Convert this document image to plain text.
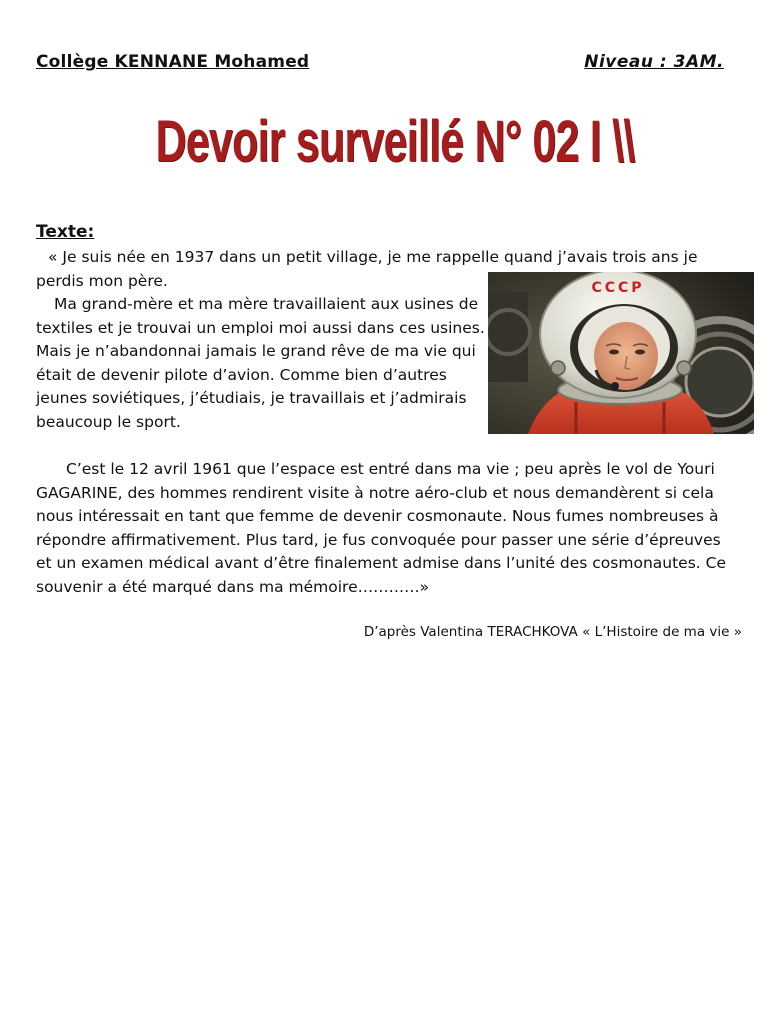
Collège KENNANE Mohamed	Niveau : 3AM.
Devoir surveillé N° 02 I \\
Texte:

« Je suis née en 1937 dans un petit village, je me rappelle quand j’avais trois ans je perdis mon père.

Ma grand-mère et ma mère travaillaient aux usines de textiles et je trouvai un emploi moi aussi dans ces usines. Mais je n’abandonnai jamais le grand rêve de ma vie qui était de devenir pilote d’avion. Comme bien d’autres jeunes soviétiques, j’étudiais, je travaillais et j’admirais beaucoup le sport.

СССР

C’est le 12 avril 1961 que l’espace est entré dans ma vie ; peu après le vol de Youri GAGARINE, des hommes rendirent visite à notre aéro-club et nous demandèrent si cela nous intéressait en tant que femme de devenir cosmonaute. Nous fumes nombreuses à répondre affirmativement. Plus tard, je fus convoquée pour passer une série d’épreuves et un examen médical avant d’être finalement admise dans l’unité des cosmonautes. Ce souvenir a été marqué dans ma mémoire…………»

D’après Valentina TERACHKOVA « L’Histoire de ma vie »
